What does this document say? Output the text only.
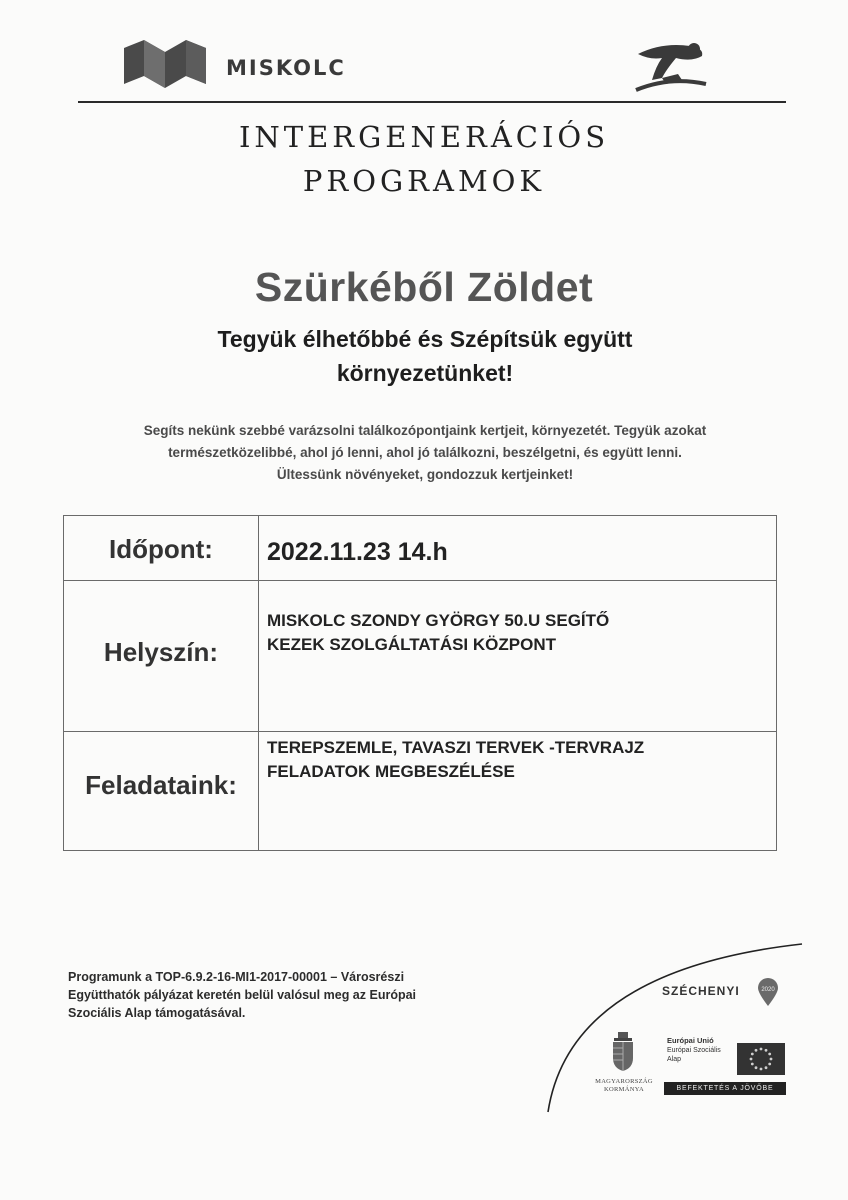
MISKOLC
INTERGENERÁCIÓS
PROGRAMOK
Szürkéből Zöldet
Tegyük élhetőbbé és Szépítsük együtt
környezetünket!
Segíts nekünk szebbé varázsolni találkozópontjaink kertjeit, környezetét. Tegyük azokat
természetközelibbé, ahol jó lenni, ahol jó találkozni, beszélgetni, és együtt lenni.
Ültessünk növényeket, gondozzuk kertjeinket!
Időpont:	2022.11.23 14.h

Helyszín:	MISKOLC SZONDY GYÖRGY 50.U SEGÍTŐ
KEZEK SZOLGÁLTATÁSI KÖZPONT

Feladataink:	TEREPSZEMLE, TAVASZI TERVEK -TERVRAJZ
FELADATOK MEGBESZÉLÉSE
Programunk a TOP-6.9.2-16-MI1-2017-00001 – Városrészi
Együtthatók pályázat keretén belül valósul meg az Európai
Szociális Alap támogatásával.
SZÉCHENYI	2020
MAGYARORSZÁG
KORMÁNYA
Európai Unió
Európai Szociális
Alap
BEFEKTETÉS A JÖVŐBE
